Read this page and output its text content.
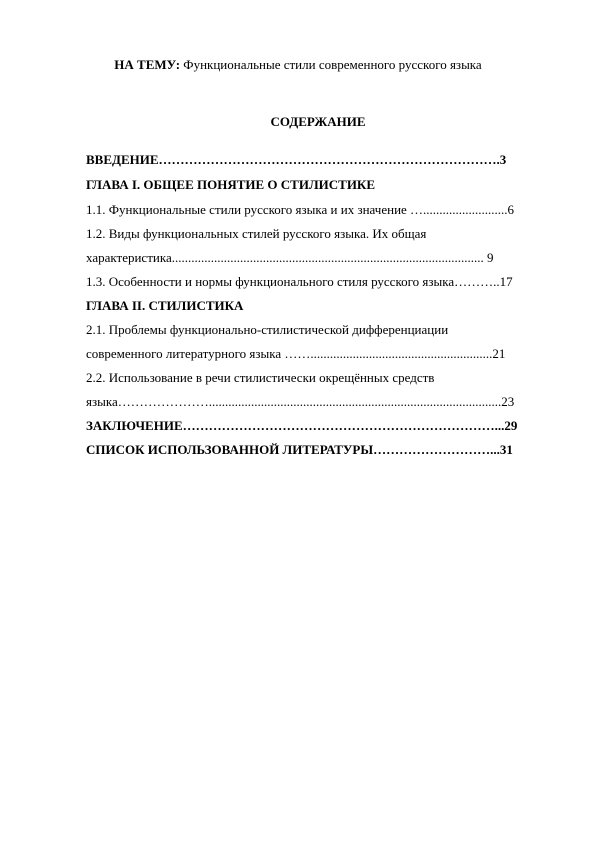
НА ТЕМУ: Функциональные стили современного русского языка
СОДЕРЖАНИЕ
ВВЕДЕНИЕ…………………………………………………………………….3
ГЛАВА I. ОБЩЕЕ ПОНЯТИЕ О СТИЛИСТИКЕ
1.1. Функциональные стили русского языка и их значение …..........................6
1.2. Виды функциональных стилей русского языка. Их общая
характеристика................................................................................................ 9
1.3. Особенности и нормы функционального стиля русского языка………..17
ГЛАВА II. СТИЛИСТИКА
2.1. Проблемы функционально-стилистической дифференциации
современного литературного языка ……........................................................21
2.2. Использование в речи стилистически окрещённых средств
языка…………………..........................................................................................23
ЗАКЛЮЧЕНИЕ………………………………………………………………...29
СПИСОК ИСПОЛЬЗОВАННОЙ ЛИТЕРАТУРЫ………………………...31
